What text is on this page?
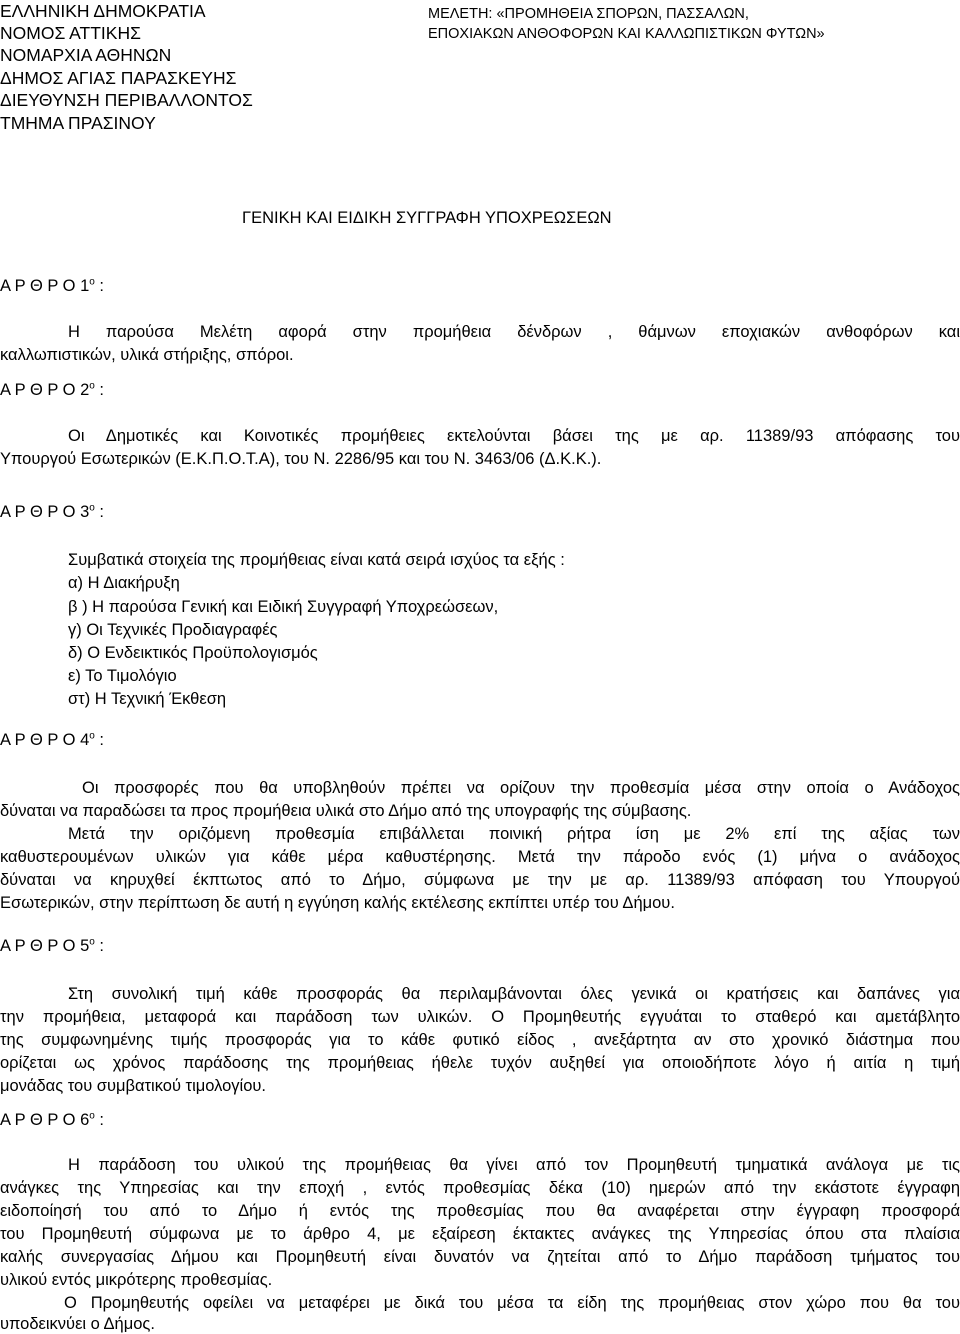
ΕΛΛΗΝΙΚΗ ΔΗΜΟΚΡΑΤΙΑ
ΝΟΜΟΣ ΑΤΤΙΚΗΣ
ΝΟΜΑΡΧΙΑ ΑΘΗΝΩΝ
ΔΗΜΟΣ ΑΓΙΑΣ ΠΑΡΑΣΚΕΥΗΣ
ΔΙΕΥΘΥΝΣΗ ΠΕΡΙΒΑΛΛΟΝΤΟΣ
ΤΜΗΜΑ ΠΡΑΣΙΝΟΥ
ΜΕΛΕΤΗ: «ΠΡΟΜΗΘΕΙΑ ΣΠΟΡΩΝ, ΠΑΣΣΑΛΩΝ,
ΕΠΟΧΙΑΚΩΝ ΑΝΘΟΦΟΡΩΝ ΚΑΙ ΚΑΛΛΩΠΙΣΤΙΚΩΝ ΦΥΤΩΝ»
ΓΕΝΙΚΗ ΚΑΙ ΕΙΔΙΚΗ ΣΥΓΓΡΑΦΗ ΥΠΟΧΡΕΩΣΕΩΝ
Α Ρ Θ Ρ Ο $1^o$ :
Η παρούσα Μελέτη αφορά στην προμήθεια δένδρων , θάμνων εποχιακών ανθοφόρων και
καλλωπιστικών, υλικά στήριξης, σπόροι.
Α Ρ Θ Ρ Ο $2^o$ :
Οι Δημοτικές και Κοινοτικές προμήθειες εκτελούνται βάσει της με αρ. 11389/93 απόφασης του
Υπουργού Εσωτερικών (Ε.Κ.Π.Ο.Τ.Α), του Ν. 2286/95 και του Ν. 3463/06 (Δ.Κ.Κ.).
Α Ρ Θ Ρ Ο $3^o$ :
Συμβατικά στοιχεία της προμήθειας είναι κατά σειρά ισχύος τα εξής :
α) Η Διακήρυξη
β ) Η παρούσα Γενική και Ειδική Συγγραφή Υποχρεώσεων,
γ) Οι Τεχνικές Προδιαγραφές
δ) Ο Ενδεικτικός Προϋπολογισμός
ε) Το Τιμολόγιο
στ) Η Τεχνική Έκθεση
Α Ρ Θ Ρ Ο $4^o$ :
Οι προσφορές που θα υποβληθούν πρέπει να ορίζουν την προθεσμία μέσα στην οποία ο Ανάδοχος
δύναται να παραδώσει τα προς προμήθεια υλικά στο Δήμο από της υπογραφής της σύμβασης.
Μετά την οριζόμενη προθεσμία επιβάλλεται ποινική ρήτρα ίση με 2% επί της αξίας των
καθυστερουμένων υλικών για κάθε μέρα καθυστέρησης. Μετά την πάροδο ενός (1) μήνα ο ανάδοχος
δύναται να κηρυχθεί έκπτωτος από το Δήμο, σύμφωνα με την με αρ. 11389/93 απόφαση του Υπουργού
Εσωτερικών, στην περίπτωση δε αυτή η εγγύηση καλής εκτέλεσης εκπίπτει υπέρ του Δήμου.
Α Ρ Θ Ρ Ο $5^o$ :
Στη συνολική τιμή κάθε προσφοράς θα περιλαμβάνονται όλες γενικά οι κρατήσεις και δαπάνες για
την προμήθεια, μεταφορά και παράδοση των υλικών. Ο Προμηθευτής εγγυάται το σταθερό και αμετάβλητο
της συμφωνημένης τιμής προσφοράς για το κάθε φυτικό είδος , ανεξάρτητα αν στο χρονικό διάστημα που
ορίζεται ως χρόνος παράδοσης της προμήθειας ήθελε τυχόν αυξηθεί για οποιοδήποτε λόγο ή αιτία η τιμή
μονάδας του συμβατικού τιμολογίου.
Α Ρ Θ Ρ Ο $6^o$ :
Η παράδοση του υλικού της προμήθειας θα γίνει από τον Προμηθευτή τμηματικά ανάλογα με τις
ανάγκες της Υπηρεσίας και την εποχή , εντός προθεσμίας δέκα (10) ημερών από την εκάστοτε έγγραφη
ειδοποίησή του από το Δήμο ή εντός της προθεσμίας που θα αναφέρεται στην έγγραφη προσφορά
του Προμηθευτή σύμφωνα με το άρθρο 4, με εξαίρεση έκτακτες ανάγκες της Υπηρεσίας όπου στα πλαίσια
καλής συνεργασίας Δήμου και Προμηθευτή είναι δυνατόν να ζητείται από το Δήμο παράδοση τμήματος του
υλικού εντός μικρότερης προθεσμίας.
Ο Προμηθευτής οφείλει να μεταφέρει με δικά του μέσα τα είδη της προμήθειας στον χώρο που θα του
υποδεικνύει ο Δήμος.
